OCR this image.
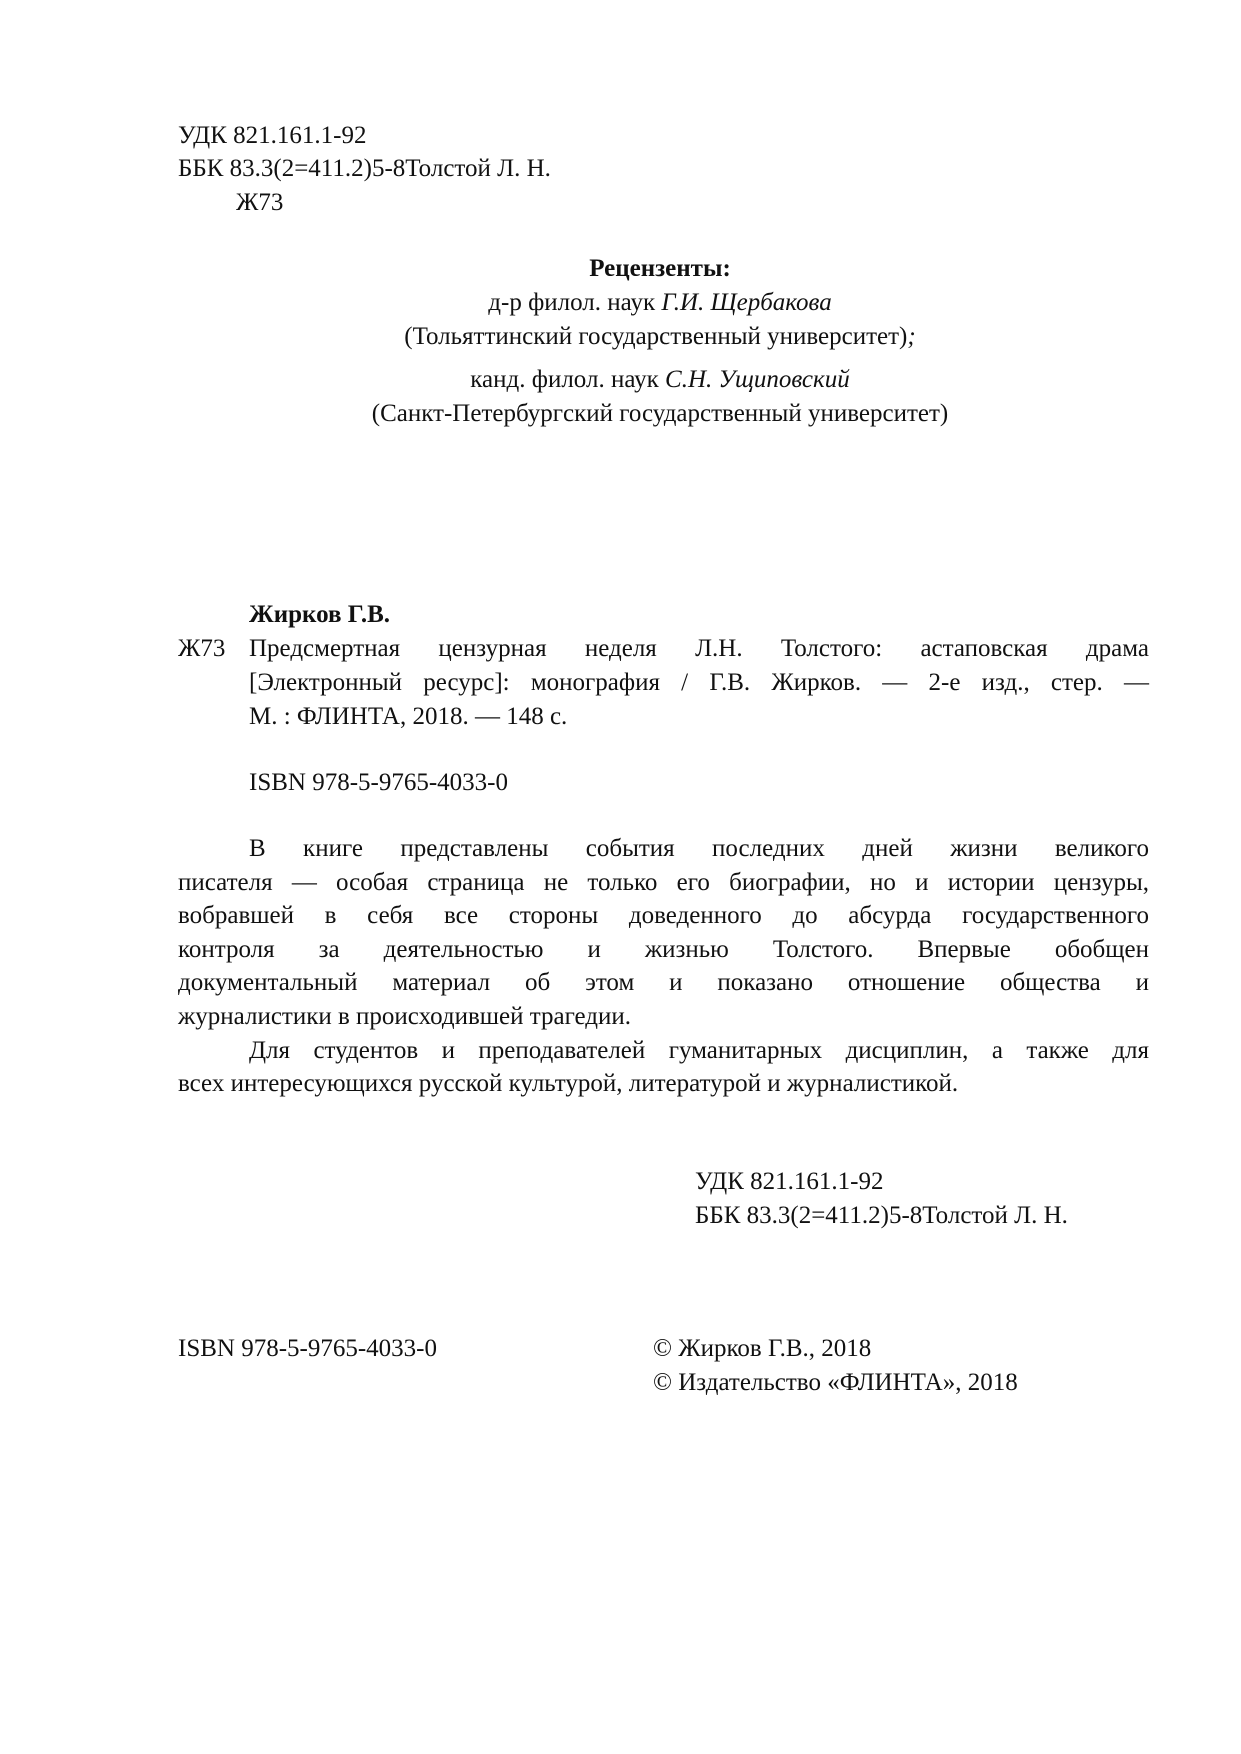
УДК 821.161.1-92
ББК 83.3(2=411.2)5-8Толстой Л. Н.
Ж73
Рецензенты:
д-р филол. наук Г.И. Щербакова
(Тольяттинский государственный университет);
канд. филол. наук С.Н. Ущиповский
(Санкт-Петербургский государственный университет)
Жирков Г.В.
Ж73 Предсмертная цензурная неделя Л.Н. Толстого: астаповская драма
[Электронный ресурс]: монография / Г.В. Жирков. — 2-е изд., стер. —
М. : ФЛИНТА, 2018. — 148 с.
ISBN 978-5-9765-4033-0
В книге представлены события последних дней жизни великого
писателя — особая страница не только его биографии, но и истории цензуры,
вобравшей в себя все стороны доведенного до абсурда государственного
контроля за деятельностью и жизнью Толстого. Впервые обобщен
документальный материал об этом и показано отношение общества и
журналистики в происходившей трагедии.
Для студентов и преподавателей гуманитарных дисциплин, а также для
всех интересующихся русской культурой, литературой и журналистикой.
УДК 821.161.1-92
ББК 83.3(2=411.2)5-8Толстой Л. Н.
ISBN 978-5-9765-4033-0	© Жирков Г.В., 2018
© Издательство «ФЛИНТА», 2018
